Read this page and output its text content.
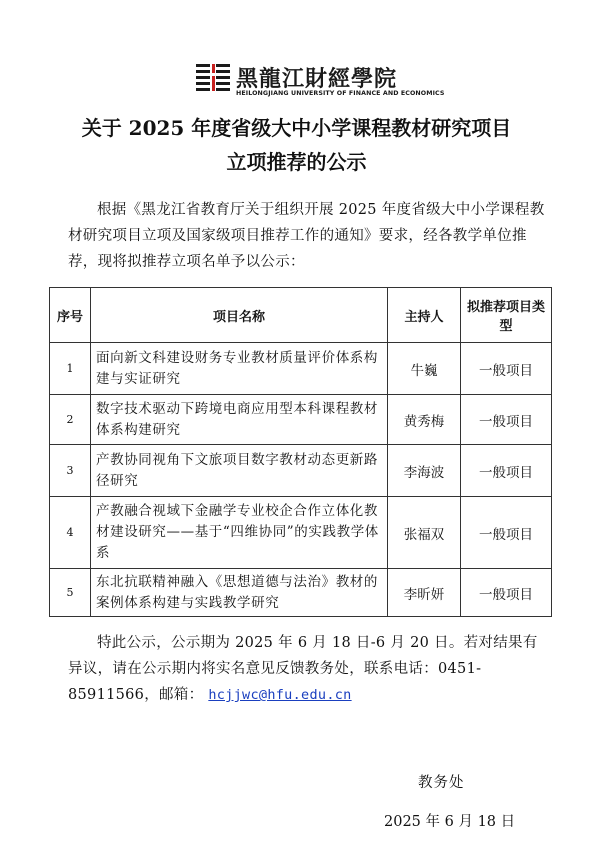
黑龍江財經學院
HEILONGJIANG UNIVERSITY OF FINANCE AND ECONOMICS
关于 2025 年度省级大中小学课程教材研究项目
立项推荐的公示

根据《黑龙江省教育厅关于组织开展 2025 年度省级大中小学课程教材研究项目立项及国家级项目推荐工作的通知》要求，经各教学单位推荐，现将拟推荐立项名单予以公示：

序号	项目名称	主持人	拟推荐项目类型
1	面向新文科建设财务专业教材质量评价体系构建与实证研究	牛巍	一般项目
2	数字技术驱动下跨境电商应用型本科课程教材体系构建研究	黄秀梅	一般项目
3	产教协同视角下文旅项目数字教材动态更新路径研究	李海波	一般项目
4	产教融合视域下金融学专业校企合作立体化教材建设研究——基于“四维协同”的实践教学体系	张福双	一般项目
5	东北抗联精神融入《思想道德与法治》教材的案例体系构建与实践教学研究	李昕妍	一般项目

特此公示，公示期为 2025 年 6 月 18 日-6 月 20 日。若对结果有异议，请在公示期内将实名意见反馈教务处，联系电话：0451-85911566，邮箱： hcjjwc@hfu.edu.cn

教务处
2025 年 6 月 18 日
